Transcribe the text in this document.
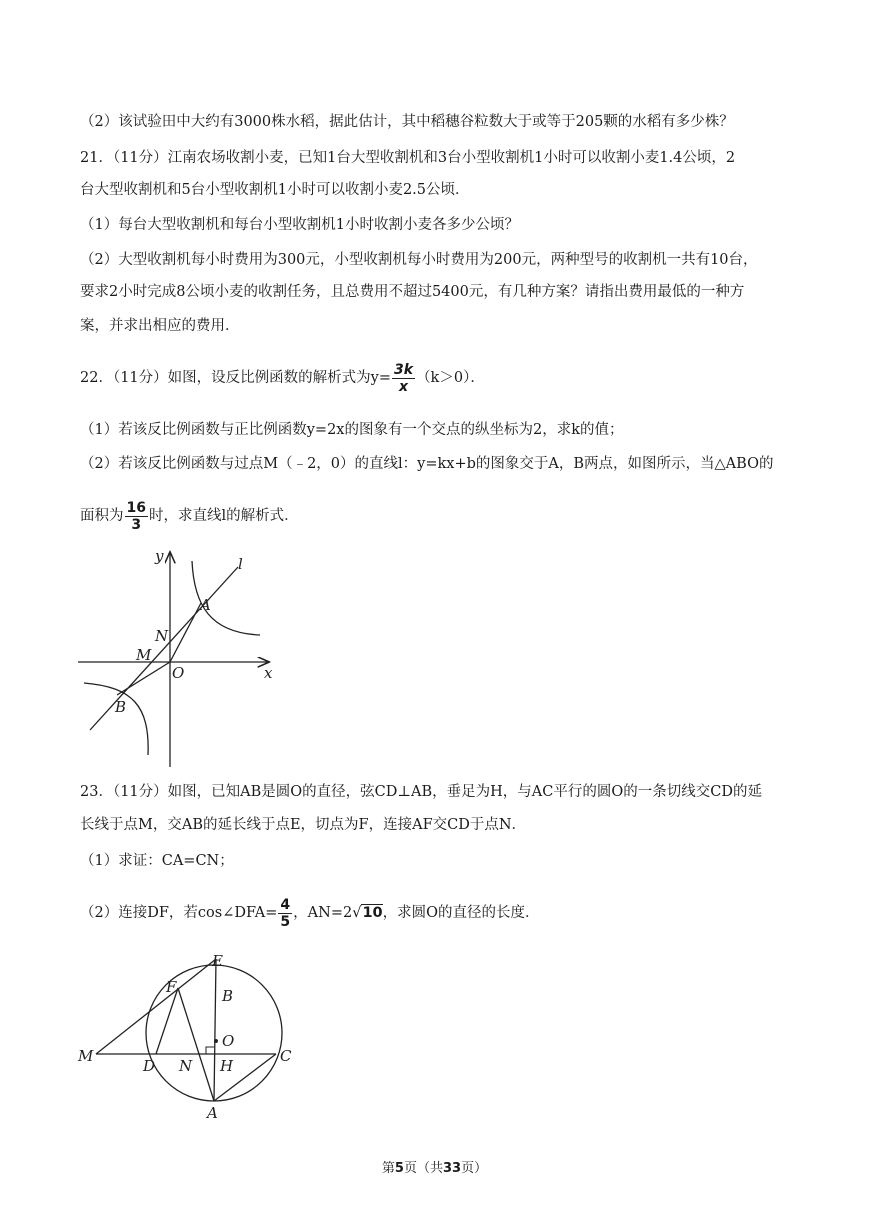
（2）该试验田中大约有3000株水稻，据此估计，其中稻穗谷粒数大于或等于205颗的水稻有多少株？
21．（11分）江南农场收割小麦，已知1台大型收割机和3台小型收割机1小时可以收割小麦1.4公顷，2
台大型收割机和5台小型收割机1小时可以收割小麦2.5公顷．
（1）每台大型收割机和每台小型收割机1小时收割小麦各多少公顷？
（2）大型收割机每小时费用为300元，小型收割机每小时费用为200元，两种型号的收割机一共有10台，
要求2小时完成8公顷小麦的收割任务，且总费用不超过5400元，有几种方案？请指出费用最低的一种方
案，并求出相应的费用．
22．（11分）如图，设反比例函数的解析式为$y= \frac{3k}{x} (k>0)$．
（1）若该反比例函数与正比例函数y=2x的图象有一个交点的纵坐标为2，求k的值；
（2）若该反比例函数与过点M（﹣2，0）的直线l：y=kx+b的图象交于A，B两点，如图所示，当△ABO的
面积为 $\frac{16}{3}$ 时，求直线l的解析式．
y	l
A
N
M
O	x
B
23．（11分）如图，已知AB是圆O的直径，弦CD⊥AB，垂足为H，与AC平行的圆O的一条切线交CD的延
长线于点M，交AB的延长线于点E，切点为F，连接AF交CD于点N．
（1）求证：CA=CN；
（2）连接DF，若cos∠DFA= $\frac{4}{5}$ ，AN=2√10，求圆O的直径的长度．
E
F	B
O
M
D N H
C
A
第5页（共33页）
